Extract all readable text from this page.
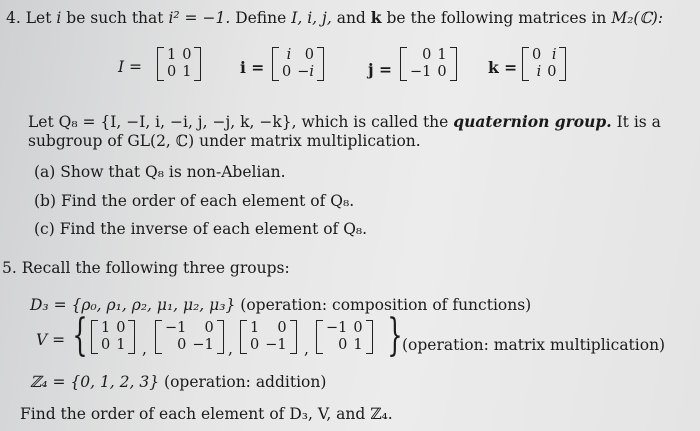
4. Let i be such that i² = −1. Define I, i, j, and k be the following matrices in M₂(ℂ):
I =
1	0
0	1	i =
i	0
0	−i	j =
0	1
−1	0	k =
0	i
i	0
Let Q₈ = {I, −I, i, −i, j, −j, k, −k}, which is called the quaternion group. It is a
subgroup of GL(2, ℂ) under matrix multiplication.
(a) Show that Q₈ is non-Abelian.
(b) Find the order of each element of Q₈.
(c) Find the inverse of each element of Q₈.
5. Recall the following three groups:
D₃ = {ρ₀, ρ₁, ρ₂, μ₁, μ₂, μ₃} (operation: composition of functions)
V = { 1	0
0	1 ,
−1	0
0	−1 ,
1	0
0	−1 ,
−1	0
0	1 } (operation: matrix multiplication)
ℤ₄ = {0, 1, 2, 3} (operation: addition)
Find the order of each element of D₃, V, and ℤ₄.
